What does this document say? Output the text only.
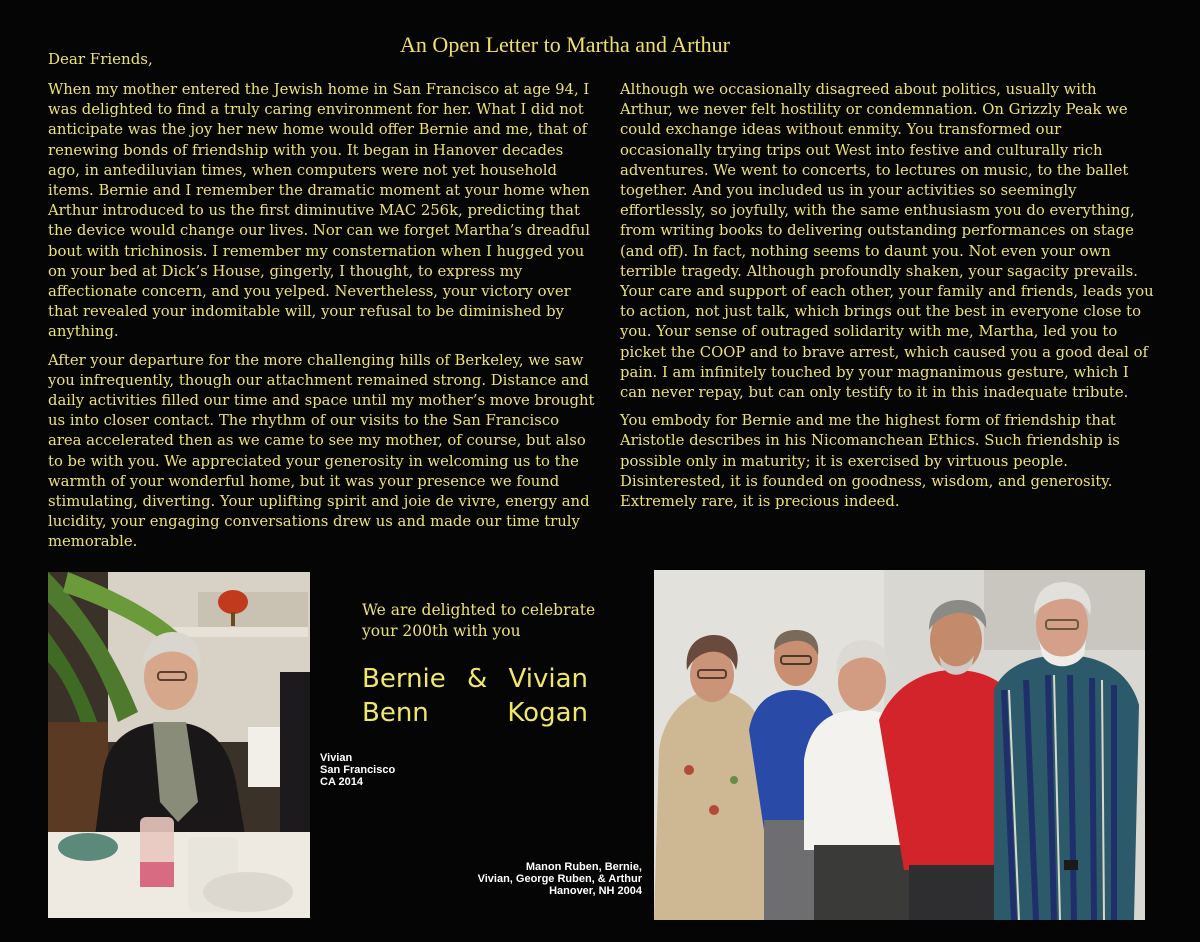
An Open Letter to Martha and Arthur
Dear Friends,

When my mother entered the Jewish home in San Francisco at age 94, I was delighted to find a truly caring environment for her. What I did not anticipate was the joy her new home would offer Bernie and me, that of renewing bonds of friendship with you. It began in Hanover decades ago, in antediluvian times, when computers were not yet household items. Bernie and I remember the dramatic moment at your home when Arthur introduced to us the first diminutive MAC 256k, predicting that the device would change our lives. Nor can we forget Martha’s dreadful bout with trichinosis. I remember my consternation when I hugged you on your bed at Dick’s House, gingerly, I thought, to express my affectionate concern, and you yelped. Nevertheless, your victory over that revealed your indomitable will, your refusal to be diminished by anything.

After your departure for the more challenging hills of Berkeley, we saw you infrequently, though our attachment remained strong. Distance and daily activities filled our time and space until my mother’s move brought us into closer contact. The rhythm of our visits to the San Francisco area accelerated then as we came to see my mother, of course, but also to be with you. We appreciated your generosity in welcoming us to the warmth of your wonderful home, but it was your presence we found stimulating, diverting. Your uplifting spirit and joie de vivre, energy and lucidity, your engaging conversations drew us and made our time truly memorable.

Although we occasionally disagreed about politics, usually with Arthur, we never felt hostility or condemnation. On Grizzly Peak we could exchange ideas without enmity. You transformed our occasionally trying trips out West into festive and culturally rich adventures. We went to concerts, to lectures on music, to the ballet together. And you included us in your activities so seemingly effortlessly, so joyfully, with the same enthusiasm you do everything, from writing books to delivering outstanding performances on stage (and off). In fact, nothing seems to daunt you. Not even your own terrible tragedy. Although profoundly shaken, your sagacity prevails. Your care and support of each other, your family and friends, leads you to action, not just talk, which brings out the best in everyone close to you. Your sense of outraged solidarity with me, Martha, led you to picket the COOP and to brave arrest, which caused you a good deal of pain. I am infinitely touched by your magnanimous gesture, which I can never repay, but can only testify to it in this inadequate tribute.

You embody for Bernie and me the highest form of friendship that Aristotle describes in his Nicomanchean Ethics. Such friendship is possible only in maturity; it is exercised by virtuous people. Disinterested, it is founded on goodness, wisdom, and generosity. Extremely rare, it is precious indeed.

Vivian
San Francisco
CA 2014
We are delighted to celebrate
your 200th with you
Bernie & Vivian
Benn	Kogan
Manon Ruben, Bernie,
Vivian, George Ruben, & Arthur
Hanover, NH 2004
